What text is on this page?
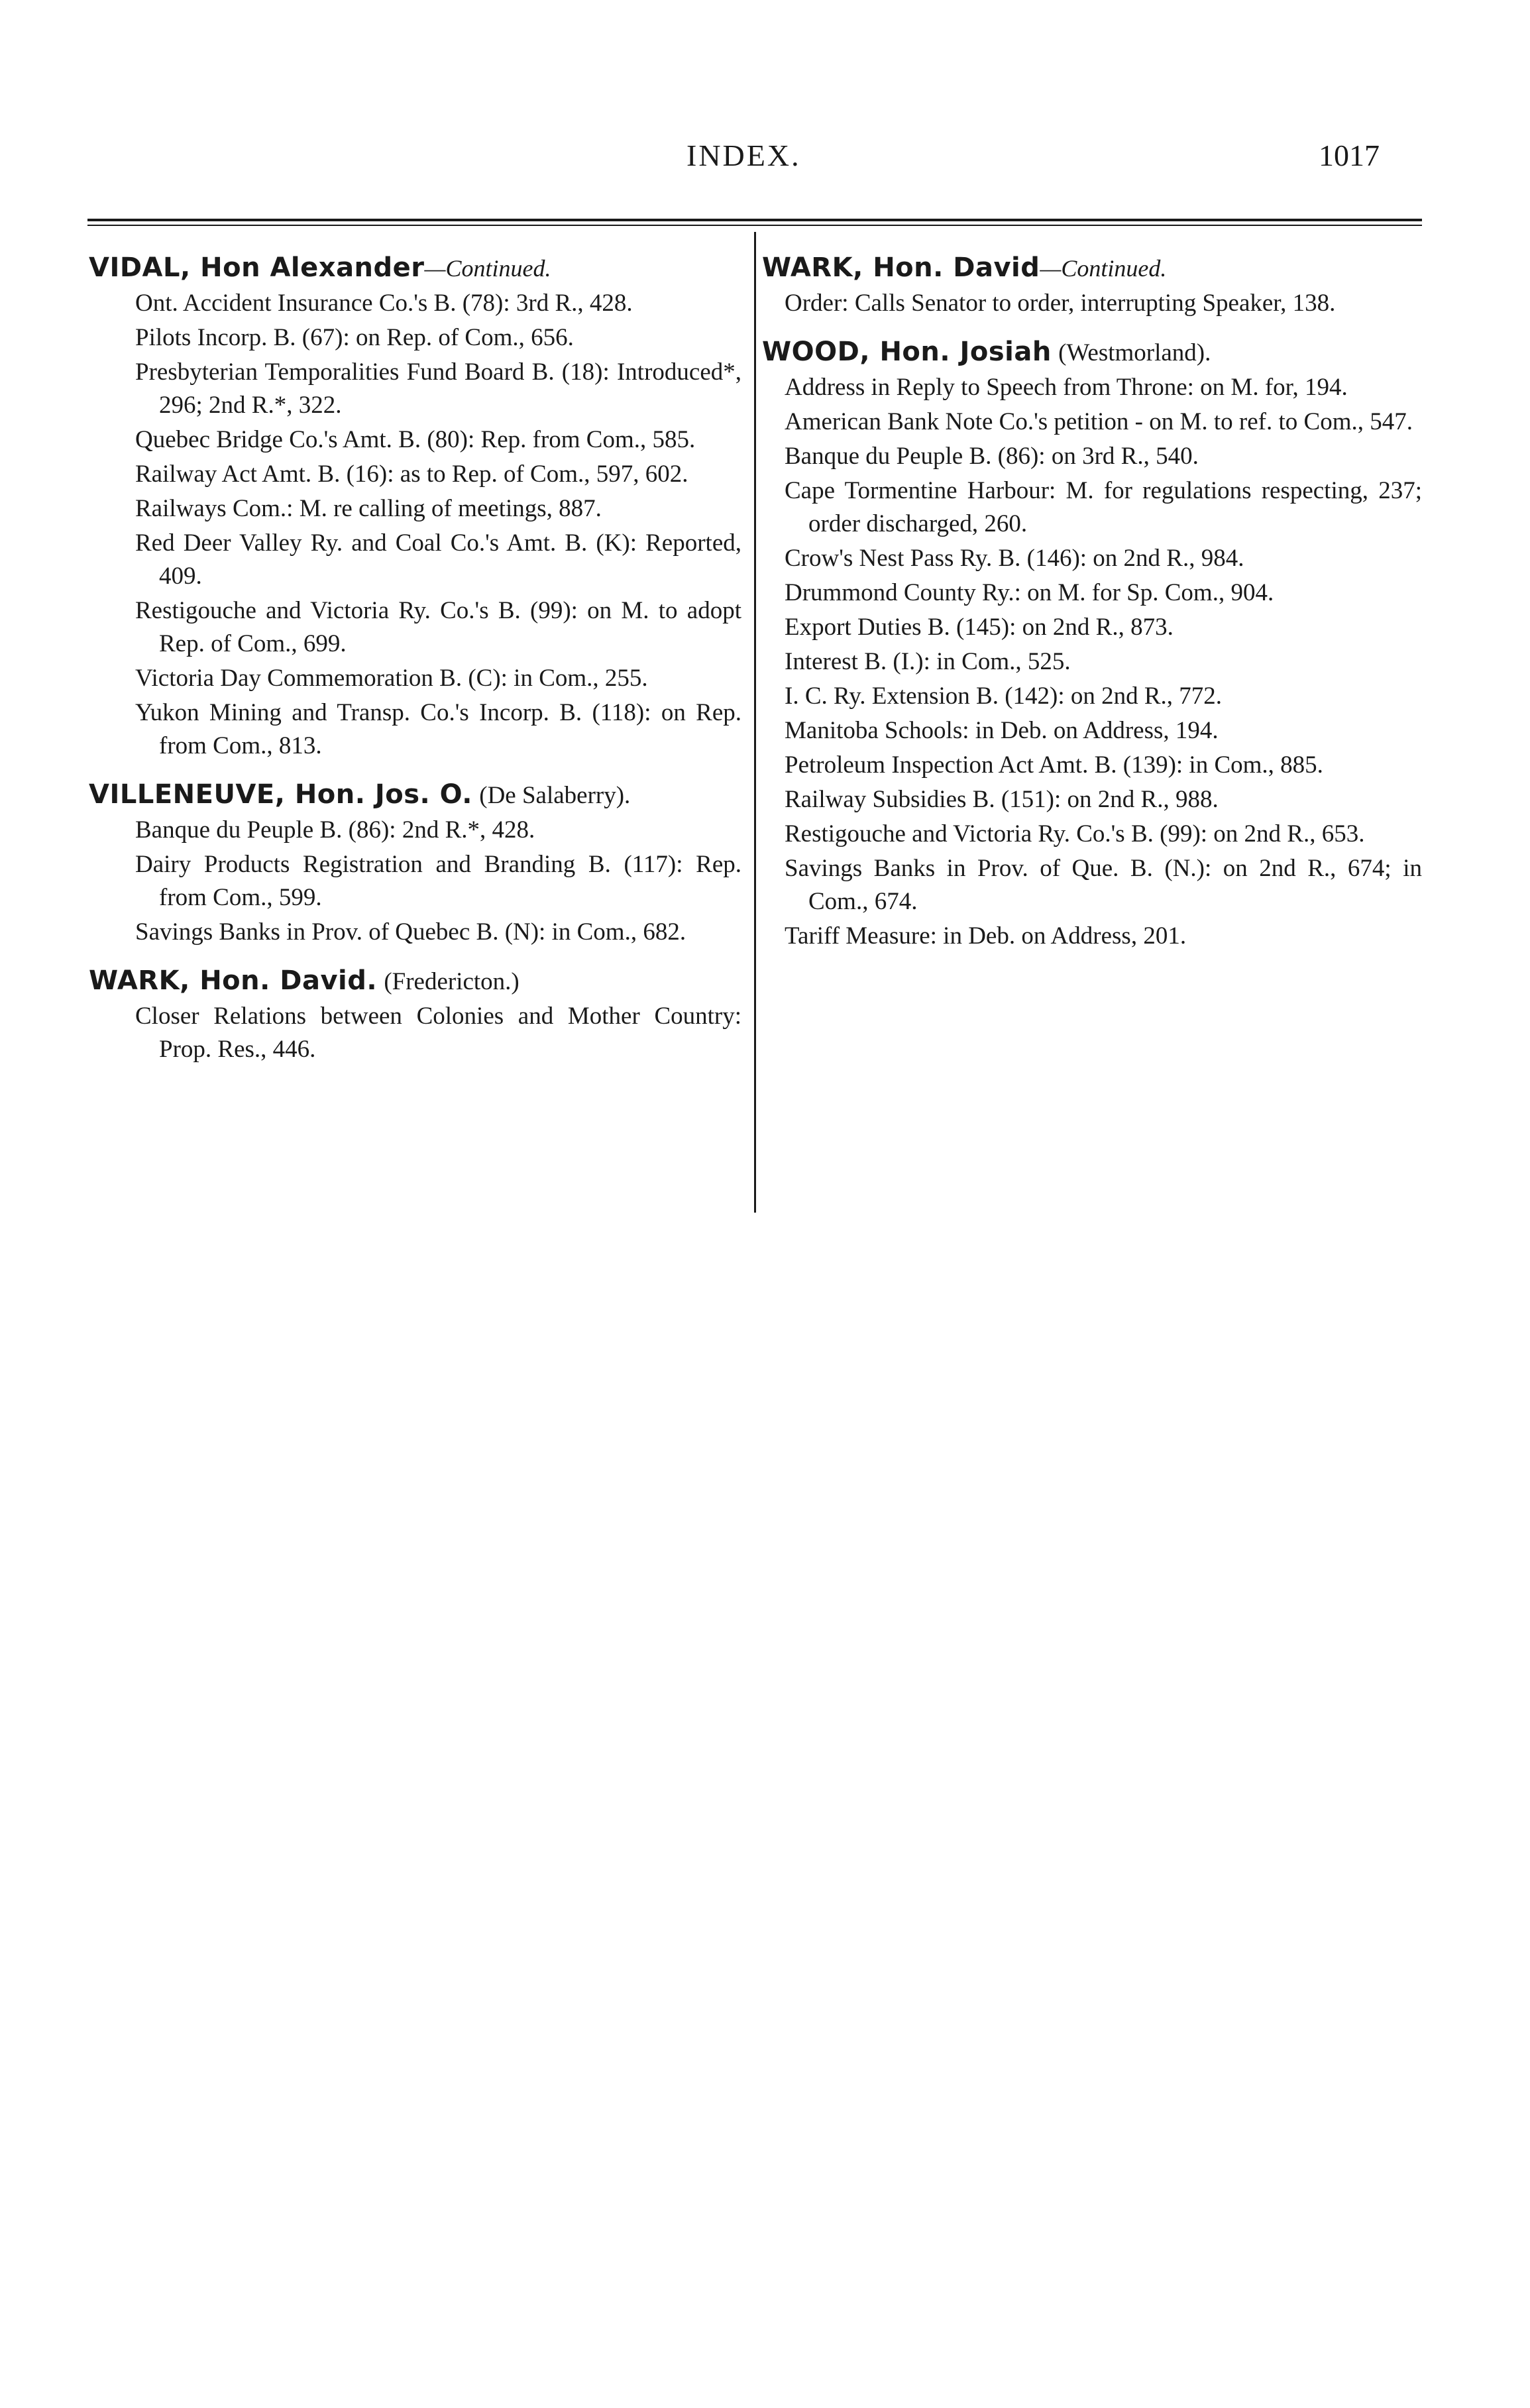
INDEX.	1017
VIDAL, Hon Alexander—Continued.
Ont. Accident Insurance Co.'s B. (78): 3rd R., 428.
Pilots Incorp. B. (67): on Rep. of Com., 656.
Presbyterian Temporalities Fund Board B. (18): Introduced*, 296; 2nd R.*, 322.
Quebec Bridge Co.'s Amt. B. (80): Rep. from Com., 585.
Railway Act Amt. B. (16): as to Rep. of Com., 597, 602.
Railways Com.: M. re calling of meetings, 887.
Red Deer Valley Ry. and Coal Co.'s Amt. B. (K): Reported, 409.
Restigouche and Victoria Ry. Co.'s B. (99): on M. to adopt Rep. of Com., 699.
Victoria Day Commemoration B. (C): in Com., 255.
Yukon Mining and Transp. Co.'s Incorp. B. (118): on Rep. from Com., 813.
VILLENEUVE, Hon. Jos. O. (De Salaberry).
Banque du Peuple B. (86): 2nd R.*, 428.
Dairy Products Registration and Branding B. (117): Rep. from Com., 599.
Savings Banks in Prov. of Quebec B. (N): in Com., 682.
WARK, Hon. David. (Fredericton.)
Closer Relations between Colonies and Mother Country: Prop. Res., 446.
WARK, Hon. David—Continued.
Order: Calls Senator to order, interrupting Speaker, 138.
WOOD, Hon. Josiah (Westmorland).
Address in Reply to Speech from Throne: on M. for, 194.
American Bank Note Co.'s petition - on M. to ref. to Com., 547.
Banque du Peuple B. (86): on 3rd R., 540.
Cape Tormentine Harbour: M. for regulations respecting, 237; order discharged, 260.
Crow's Nest Pass Ry. B. (146): on 2nd R., 984.
Drummond County Ry.: on M. for Sp. Com., 904.
Export Duties B. (145): on 2nd R., 873.
Interest B. (I.): in Com., 525.
I. C. Ry. Extension B. (142): on 2nd R., 772.
Manitoba Schools: in Deb. on Address, 194.
Petroleum Inspection Act Amt. B. (139): in Com., 885.
Railway Subsidies B. (151): on 2nd R., 988.
Restigouche and Victoria Ry. Co.'s B. (99): on 2nd R., 653.
Savings Banks in Prov. of Que. B. (N.): on 2nd R., 674; in Com., 674.
Tariff Measure: in Deb. on Address, 201.
